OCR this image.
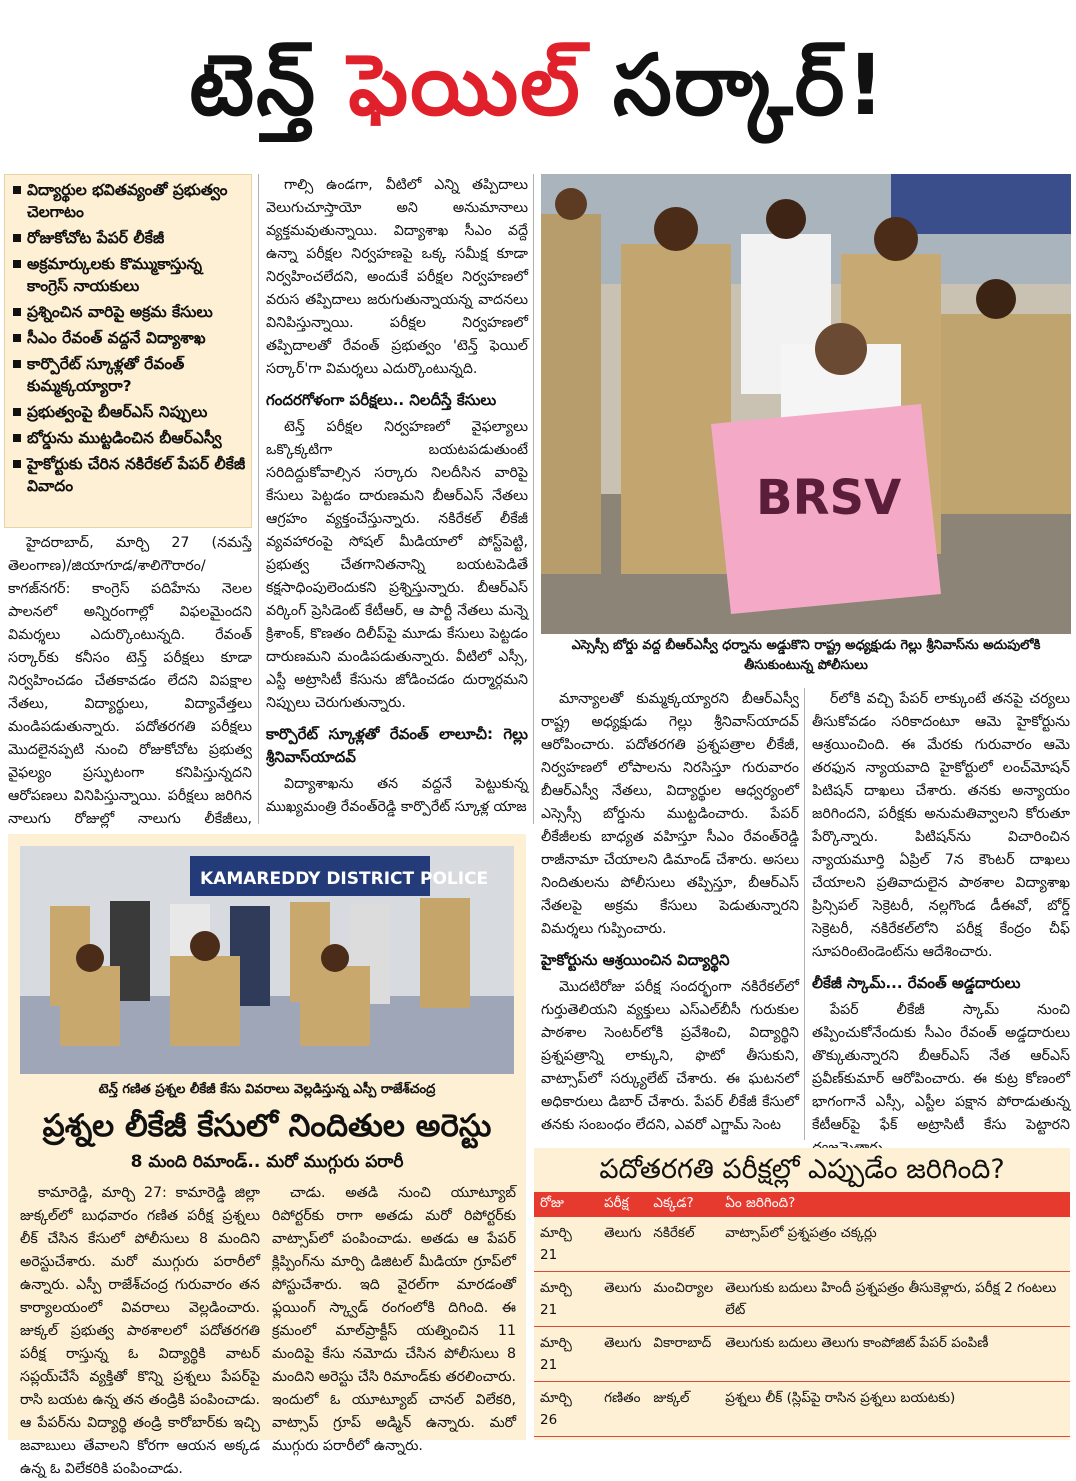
టెన్త్ ఫెయిల్ సర్కార్!
విద్యార్థుల భవితవ్యంతో ప్రభుత్వం చెలగాటం
రోజుకోచోట పేపర్ లీకేజీ
అక్రమార్కులకు కొమ్ముకాస్తున్న కాంగ్రెస్ నాయకులు
ప్రశ్నించిన వారిపై అక్రమ కేసులు
సీఎం రేవంత్ వద్దనే విద్యాశాఖ
కార్పొరేట్ స్కూళ్లతో రేవంత్ కుమ్మక్కయ్యారా?
ప్రభుత్వంపై బీఆర్ఎస్ నిప్పులు
బోర్డును ముట్టడించిన బీఆర్ఎస్వీ
హైకోర్టుకు చేరిన నకిరేకల్ పేపర్ లీకేజీ వివాదం

హైదరాబాద్, మార్చి 27 (నమస్తే తెలంగాణ)/జియాగూడ/శాలిగౌరారం/కాగజ్‌నగర్: కాంగ్రెస్ పదిహేను నెలల పాలనలో అన్నిరంగాల్లో విఫలమైందని విమర్శలు ఎదుర్కొంటున్నది. రేవంత్ సర్కార్‌కు కనీసం టెన్త్ పరీక్షలు కూడా నిర్వహించడం చేతకావడం లేదని విపక్షాల నేతలు, విద్యార్థులు, విద్యావేత్తలు మండిపడుతున్నారు. పదోతరగతి పరీక్షలు మొదలైనప్పటి నుంచి రోజుకోచోట ప్రభుత్వ వైఫల్యం ప్రస్ఫుటంగా కనిపిస్తున్నదని ఆరోపణలు వినిపిస్తున్నాయి. పరీక్షలు జరిగిన నాలుగు రోజుల్లో నాలుగు లీకేజీలు,

గాల్సి ఉండగా, వీటిలో ఎన్ని తప్పిదాలు వెలుగుచూస్తాయో అని అనుమానాలు వ్యక్తమవుతున్నాయి. విద్యాశాఖ సీఎం వద్దే ఉన్నా పరీక్షల నిర్వహణపై ఒక్క సమీక్ష కూడా నిర్వహించలేదని, అందుకే పరీక్షల నిర్వహణలో వరుస తప్పిదాలు జరుగుతున్నాయన్న వాదనలు వినిపిస్తున్నాయి. పరీక్షల నిర్వహణలో తప్పిదాలతో రేవంత్ ప్రభుత్వం 'టెన్త్ ఫెయిల్ సర్కార్'గా విమర్శలు ఎదుర్కొంటున్నది.

గందరగోళంగా పరీక్షలు.. నిలదీస్తే కేసులు

టెన్త్ పరీక్షల నిర్వహణలో వైఫల్యాలు ఒక్కొక్కటిగా బయటపడుతుంటే సరిదిద్దుకోవాల్సిన సర్కారు నిలదీసిన వారిపై కేసులు పెట్టడం దారుణమని బీఆర్ఎస్ నేతలు ఆగ్రహం వ్యక్తంచేస్తున్నారు. నకిరేకల్ లీకేజీ వ్యవహారంపై సోషల్ మీడియాలో పోస్ట్‌పెట్టి, ప్రభుత్వ చేతగానితనాన్ని బయటపెడితే కక్షసాధింపులెందుకని ప్రశ్నిస్తున్నారు. బీఆర్ఎస్ వర్కింగ్ ప్రెసిడెంట్ కేటీఆర్, ఆ పార్టీ నేతలు మన్నె క్రిశాంక్, కొణతం దిలీప్‌పై మూడు కేసులు పెట్టడం దారుణమని మండిపడుతున్నారు. వీటిలో ఎస్సీ, ఎస్టీ అట్రాసిటీ కేసును జోడించడం దుర్మార్గమని నిప్పులు చెరుగుతున్నారు.

కార్పొరేట్ స్కూళ్లతో రేవంత్ లాలూచీ: గెల్లు శ్రీనివాస్‌యాదవ్

విద్యాశాఖను తన వద్దనే పెట్టుకున్న ముఖ్యమంత్రి రేవంత్‌రెడ్డి కార్పొరేట్ స్కూళ్ల యాజ

BRSV
ఎస్సెస్సీ బోర్డు వద్ద బీఆర్ఎస్వీ ధర్నాను అడ్డుకొని రాష్ట్ర అధ్యక్షుడు గెల్లు శ్రీనివాస్‌ను అదుపులోకి తీసుకుంటున్న పోలీసులు

మాన్యాలతో కుమ్మక్కయ్యారని బీఆర్ఎస్వీ రాష్ట్ర అధ్యక్షుడు గెల్లు శ్రీనివాస్‌యాదవ్ ఆరోపించారు. పదోతరగతి ప్రశ్నపత్రాల లీకేజీ, నిర్వహణలో లోపాలను నిరసిస్తూ గురువారం బీఆర్ఎస్వీ నేతలు, విద్యార్థుల ఆధ్వర్యంలో ఎస్సెస్సీ బోర్డును ముట్టడించారు. పేపర్ లీకేజీలకు బాధ్యత వహిస్తూ సీఎం రేవంత్‌రెడ్డి రాజీనామా చేయాలని డిమాండ్ చేశారు. అసలు నిందితులను పోలీసులు తప్పిస్తూ, బీఆర్ఎస్ నేతలపై అక్రమ కేసులు పెడుతున్నారని విమర్శలు గుప్పించారు.

హైకోర్టును ఆశ్రయించిన విద్యార్థిని

మొదటిరోజు పరీక్ష సందర్భంగా నకిరేకల్‌లో గుర్తుతెలియని వ్యక్తులు ఎస్ఎల్‌బీసీ గురుకుల పాఠశాల సెంటర్‌లోకి ప్రవేశించి, విద్యార్థిని ప్రశ్నపత్రాన్ని లాక్కుని, ఫొటో తీసుకుని, వాట్సాప్‌లో సర్క్యులేట్ చేశారు. ఈ ఘటనలో అధికారులు డిబార్ చేశారు. పేపర్ లీకేజీ కేసులో తనకు సంబంధం లేదని, ఎవరో ఎగ్జామ్ సెంట

ర్‌లోకి వచ్చి పేపర్ లాక్కుంటే తనపై చర్యలు తీసుకోవడం సరికాదంటూ ఆమె హైకోర్టును ఆశ్రయించింది. ఈ మేరకు గురువారం ఆమె తరఫున న్యాయవాది హైకోర్టులో లంచ్‌మోషన్ పిటిషన్ దాఖలు చేశారు. తనకు అన్యాయం జరిగిందని, పరీక్షకు అనుమతివ్వాలని కోరుతూ పేర్కొన్నారు. పిటిషన్‌ను విచారించిన న్యాయమూర్తి ఏప్రిల్ 7న కౌంటర్ దాఖలు చేయాలని ప్రతివాదులైన పాఠశాల విద్యాశాఖ ప్రిన్సిపల్ సెక్రెటరీ, నల్లగొండ డీఈవో, బోర్డ్ సెక్రెటరీ, నకిరేకల్‌లోని పరీక్ష కేంద్రం చీఫ్ సూపరింటెండెంట్‌ను ఆదేశించారు.

లీకేజీ స్కామ్... రేవంత్ అడ్డదారులు

పేపర్ లీకేజీ స్కామ్ నుంచి తప్పించుకోనేందుకు సీఎం రేవంత్ అడ్డదారులు తొక్కుతున్నారని బీఆర్ఎస్ నేత ఆర్ఎస్ ప్రవీణ్‌కుమార్ ఆరోపించారు. ఈ కుట్ర కోణంలో భాగంగానే ఎస్సీ, ఎస్టీల పక్షాన పోరాడుతున్న కేటీఆర్‌పై ఫేక్ అట్రాసిటీ కేసు పెట్టారని

KAMAREDDY DISTRICT POLICE
టెన్త్ గణిత ప్రశ్నల లీకేజీ కేసు వివరాలు వెల్లడిస్తున్న ఎస్పీ రాజేశ్‌చంద్ర
ప్రశ్నల లీకేజీ కేసులో నిందితుల అరెస్టు
8 మంది రిమాండ్.. మరో ముగ్గురు పరారీ

కామారెడ్డి, మార్చి 27: కామారెడ్డి జిల్లా జుక్కల్‌లో బుధవారం గణిత పరీక్ష ప్రశ్నలు లీక్ చేసిన కేసులో పోలీసులు 8 మందిని అరెస్టుచేశారు. మరో ముగ్గురు పరారీలో ఉన్నారు. ఎస్పీ రాజేశ్‌చంద్ర గురువారం తన కార్యాలయంలో వివరాలు వెల్లడించారు. జుక్కల్ ప్రభుత్వ పాఠశాలలో పదోతరగతి పరీక్ష రాస్తున్న ఓ విద్యార్థికి వాటర్ సప్లయ్‌చేసే వ్యక్తితో కొన్ని ప్రశ్నలు పేపర్‌పై రాసి బయట ఉన్న తన తండ్రికి పంపించాడు. ఆ పేపర్‌ను విద్యార్థి తండ్రి కారోబార్‌కు ఇచ్చి జవాబులు తేవాలని కోరగా ఆయన అక్కడ ఉన్న ఓ విలేకరికి పంపించాడు.

చాడు. అతడి నుంచి యూట్యూబ్ రిపోర్టర్‌కు రాగా అతడు మరో రిపోర్టర్‌కు వాట్సాప్‌లో పంపించాడు. అతడు ఆ పేపర్ క్లిప్పింగ్‌ను మార్పి డిజిటల్ మీడియా గ్రూప్‌లో పోస్టుచేశారు. ఇది వైరల్‌గా మారడంతో ఫ్లయింగ్ స్క్వాడ్ రంగంలోకి దిగింది. ఈ క్రమంలో మాల్‌ప్రాక్టీస్ యత్నించిన 11 మందిపై కేసు నమోదు చేసిన పోలీసులు 8 మందిని అరెస్టు చేసి రిమాండ్‌కు తరలించారు. ఇందులో ఓ యూట్యూబ్ చానల్ విలేకరి, వాట్సాప్ గ్రూప్ అడ్మిన్ ఉన్నారు. మరో ముగ్గురు పరారీలో ఉన్నారు.

పదోతరగతి పరీక్షల్లో ఎప్పుడేం జరిగింది?
రోజు	పరీక్ష	ఎక్కడ?	ఏం జరిగింది?
మార్చి 21	తెలుగు	నకిరేకల్	వాట్సాప్‌లో ప్రశ్నపత్రం చక్కర్లు
మార్చి 21	తెలుగు	మంచిర్యాల	తెలుగుకు బదులు హిందీ ప్రశ్నపత్రం తీసుకెళ్లారు, పరీక్ష 2 గంటలు లేట్
మార్చి 21	తెలుగు	వికారాబాద్	తెలుగుకు బదులు తెలుగు కాంపోజిట్ పేపర్ పంపిణీ
మార్చి 26	గణితం	జుక్కల్	ప్రశ్నలు లీక్ (స్లిప్‌పై రాసిన ప్రశ్నలు బయటకు)
